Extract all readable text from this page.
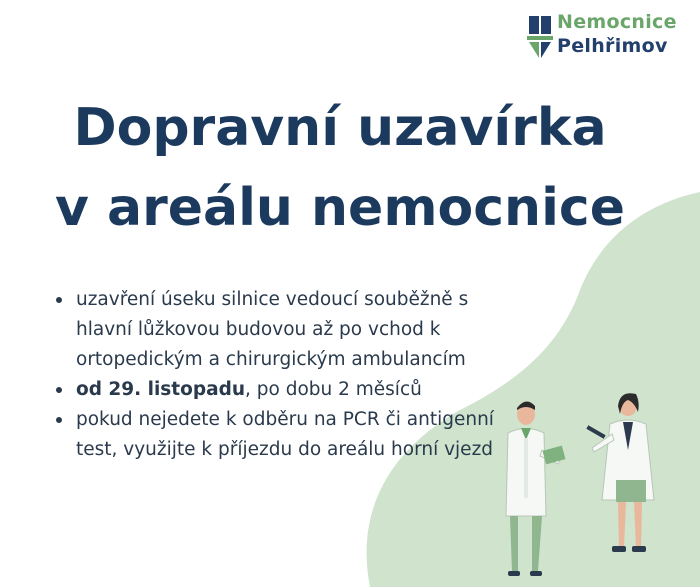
Nemocnice
Pelhřimov
Dopravní uzavírka
v areálu nemocnice
uzavření úseku silnice vedoucí souběžně s hlavní lůžkovou budovou až po vchod k ortopedickým a chirurgickým ambulancím
od 29. listopadu, po dobu 2 měsíců
pokud nejedete k odběru na PCR či antigenní test, využijte k příjezdu do areálu horní vjezd
